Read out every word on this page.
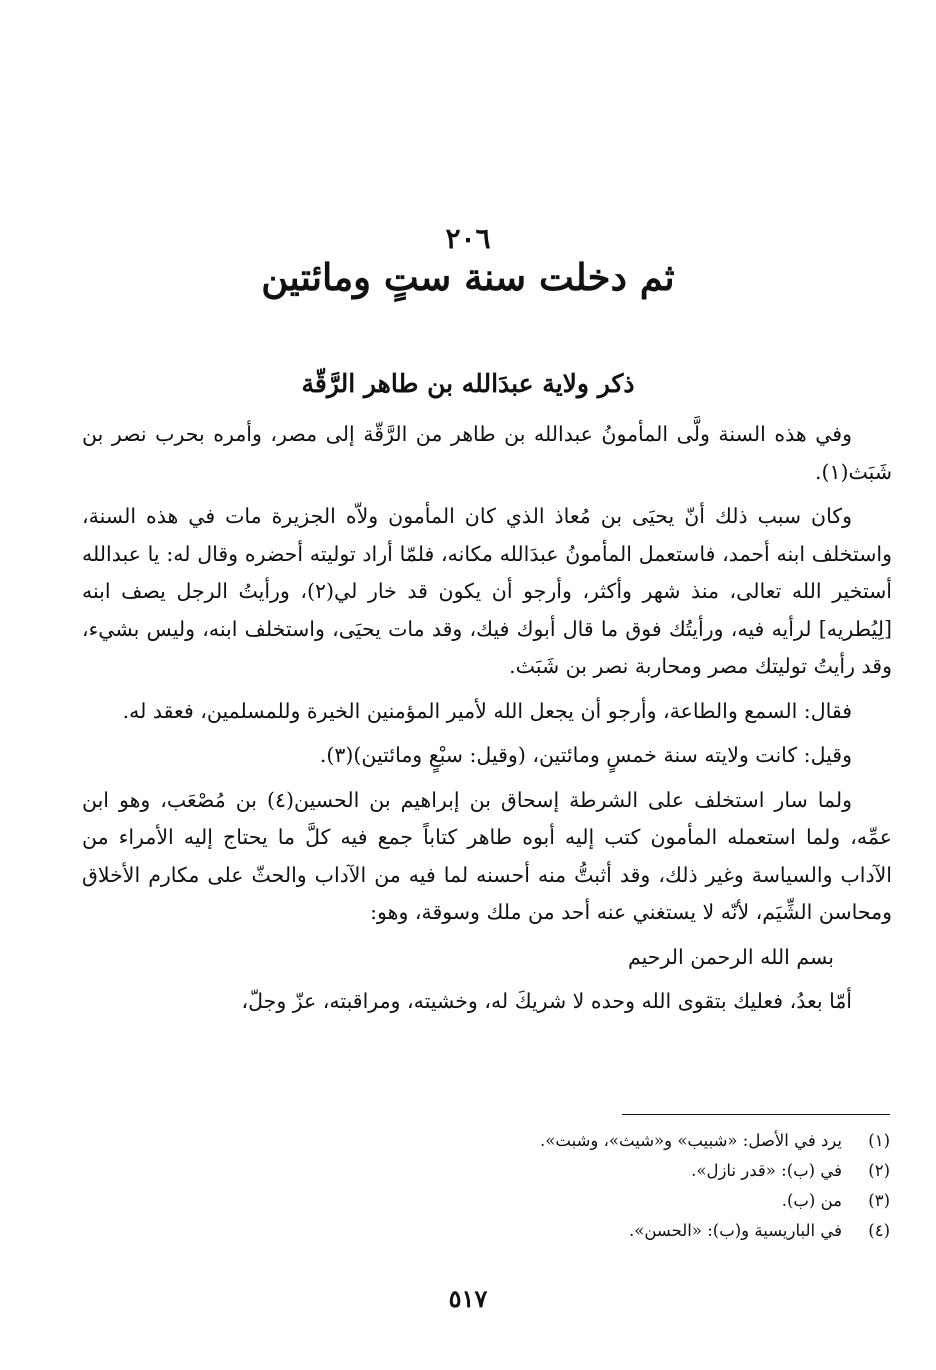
٢٠٦
ثم دخلت سنة ستٍ ومائتين
ذكر ولاية عبدَالله بن طاهر الرَّقّة

وفي هذه السنة ولَّى المأمونُ عبدالله بن طاهر من الرَّقّة إلى مصر، وأمره بحرب نصر بن شَبَث(١).

وكان سبب ذلك أنّ يحيَى بن مُعاذ الذي كان المأمون ولاّه الجزيرة مات في هذه السنة، واستخلف ابنه أحمد، فاستعمل المأمونُ عبدَالله مكانه، فلمّا أراد توليته أحضره وقال له: يا عبدالله أستخير الله تعالى، منذ شهر وأكثر، وأرجو أن يكون قد خار لي(٢)، ورأيتُ الرجل يصف ابنه [لِيُطريه] لرأيه فيه، ورأيتُك فوق ما قال أبوك فيك، وقد مات يحيَى، واستخلف ابنه، وليس بشيء، وقد رأيتُ توليتك مصر ومحاربة نصر بن شَبَث.

فقال: السمع والطاعة، وأرجو أن يجعل الله لأمير المؤمنين الخيرة وللمسلمين، فعقد له.

وقيل: كانت ولايته سنة خمسٍ ومائتين، (وقيل: سبْعٍ ومائتين)(٣).

ولما سار استخلف على الشرطة إسحاق بن إبراهيم بن الحسين(٤) بن مُصْعَب، وهو ابن عمِّه، ولما استعمله المأمون كتب إليه أبوه طاهر كتاباً جمع فيه كلَّ ما يحتاج إليه الأمراء من الآداب والسياسة وغير ذلك، وقد أثبتُّ منه أحسنه لما فيه من الآداب والحثّ على مكارم الأخلاق ومحاسن الشِّيَم، لأنّه لا يستغني عنه أحد من ملك وسوقة، وهو:

بسم الله الرحمن الرحيم

أمّا بعدُ، فعليك بتقوى الله وحده لا شريكَ له، وخشيته، ومراقبته، عزّ وجلّ،

(١)
يرد في الأصل: «شبيب» و«شيث»، وشبت».
(٢)
في (ب): «قدر نازل».
(٣)
من (ب).
(٤)
في الباريسية و(ب): «الحسن».
٥١٧
